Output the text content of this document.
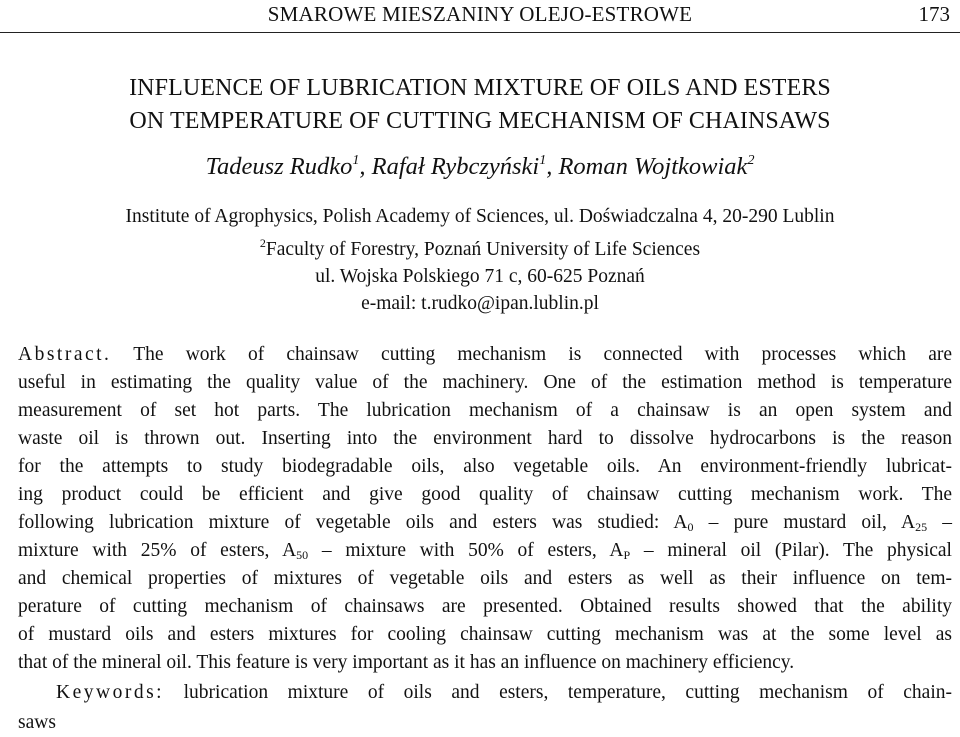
SMAROWE MIESZANINY OLEJO-ESTROWE	173
INFLUENCE OF LUBRICATION MIXTURE OF OILS AND ESTERS
ON TEMPERATURE OF CUTTING MECHANISM OF CHAINSAWS
Tadeusz Rudko$^1$, Rafał Rybczyński$^1$, Roman Wojtkowiak$^2$
Institute of Agrophysics, Polish Academy of Sciences, ul. Doświadczalna 4, 20-290 Lublin
$^2$Faculty of Forestry, Poznań University of Life Sciences
ul. Wojska Polskiego 71 c, 60-625 Poznań
e-mail: t.rudko@ipan.lublin.pl
Abstract. The work of chainsaw cutting mechanism is connected with processes which are
useful in estimating the quality value of the machinery. One of the estimation method is temperature
measurement of set hot parts. The lubrication mechanism of a chainsaw is an open system and
waste oil is thrown out. Inserting into the environment hard to dissolve hydrocarbons is the reason
for the attempts to study biodegradable oils, also vegetable oils. An environment-friendly lubricat-
ing product could be efficient and give good quality of chainsaw cutting mechanism work. The
following lubrication mixture of vegetable oils and esters was studied: $A_0$ – pure mustard oil, $A_{25}$ –
mixture with 25% of esters, $A_{50}$ – mixture with 50% of esters, $A_P$ – mineral oil (Pilar). The physical
and chemical properties of mixtures of vegetable oils and esters as well as their influence on tem-
perature of cutting mechanism of chainsaws are presented. Obtained results showed that the ability
of mustard oils and esters mixtures for cooling chainsaw cutting mechanism was at the some level as
that of the mineral oil. This feature is very important as it has an influence on machinery efficiency.
Keywords: lubrication mixture of oils and esters, temperature, cutting mechanism of chain-
saws
